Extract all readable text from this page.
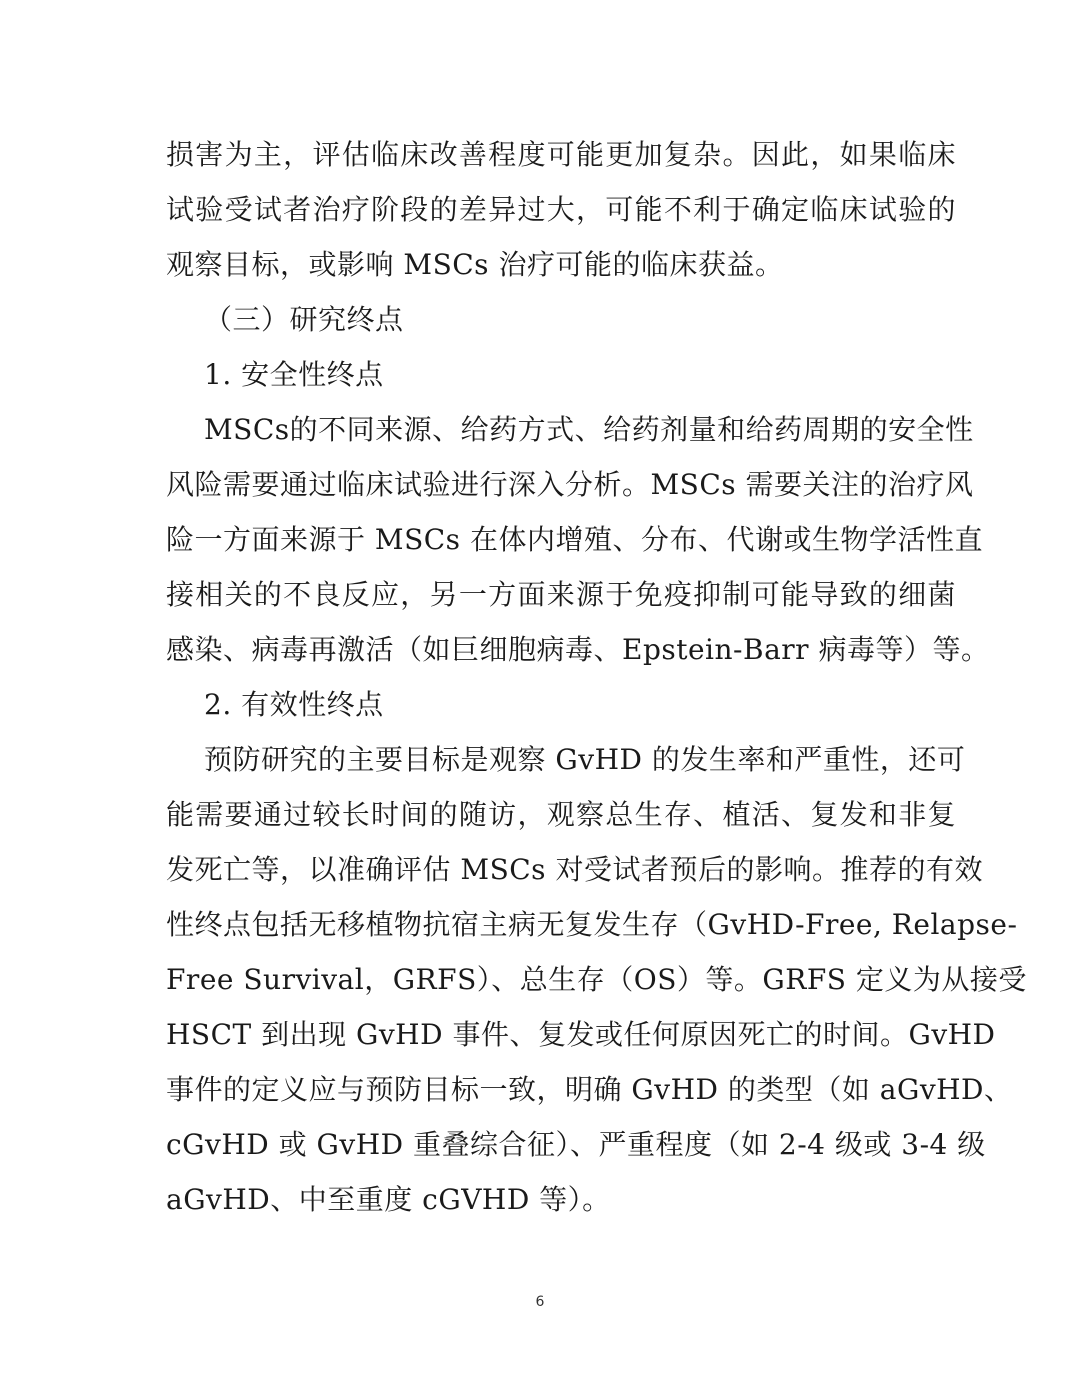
损害为主，评估临床改善程度可能更加复杂。因此，如果临床
试验受试者治疗阶段的差异过大，可能不利于确定临床试验的
观察目标，或影响 MSCs 治疗可能的临床获益。
（三）研究终点
1. 安全性终点
MSCs的不同来源、给药方式、给药剂量和给药周期的安全性
风险需要通过临床试验进行深入分析。MSCs 需要关注的治疗风
险一方面来源于 MSCs 在体内增殖、分布、代谢或生物学活性直
接相关的不良反应，另一方面来源于免疫抑制可能导致的细菌
感染、病毒再激活（如巨细胞病毒、Epstein-Barr 病毒等）等。
2. 有效性终点
预防研究的主要目标是观察 GvHD 的发生率和严重性，还可
能需要通过较长时间的随访，观察总生存、植活、复发和非复
发死亡等，以准确评估 MSCs 对受试者预后的影响。推荐的有效
性终点包括无移植物抗宿主病无复发生存（GvHD-Free, Relapse-
Free Survival，GRFS）、总生存（OS）等。GRFS 定义为从接受
HSCT 到出现 GvHD 事件、复发或任何原因死亡的时间。GvHD
事件的定义应与预防目标一致，明确 GvHD 的类型（如 aGvHD、
cGvHD 或 GvHD 重叠综合征）、严重程度（如 2-4 级或 3-4 级
aGvHD、中至重度 cGVHD 等）。
6
